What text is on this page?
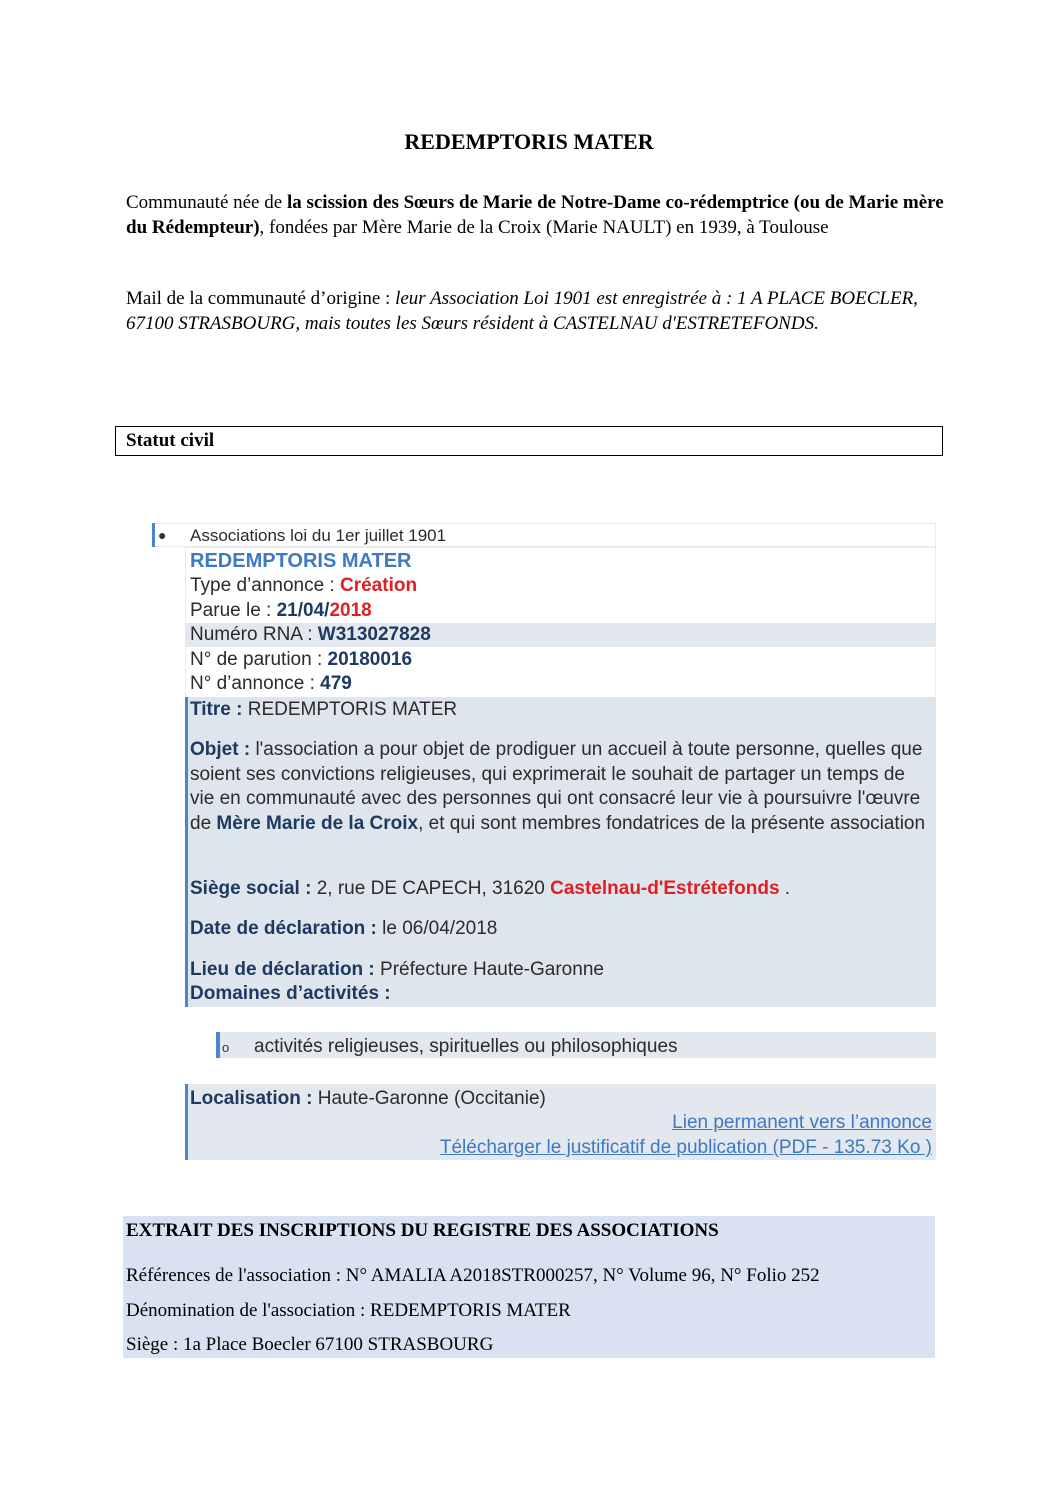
REDEMPTORIS MATER
Communauté née de la scission des Sœurs de Marie de Notre-Dame co-rédemptrice (ou de Marie mère du Rédempteur), fondées par Mère Marie de la Croix (Marie NAULT) en 1939, à Toulouse
Mail de la communauté d’origine : leur Association Loi 1901 est enregistrée à : 1 A PLACE BOECLER, 67100 STRASBOURG, mais toutes les Sœurs résident à CASTELNAU d'ESTRETEFONDS.
Statut civil
● Associations loi du 1er juillet 1901
REDEMPTORIS MATER
Type d’annonce : Création
Parue le : 21/04/2018
Numéro RNA : W313027828
N° de parution : 20180016
N° d’annonce : 479
Titre : REDEMPTORIS MATER
Objet : l'association a pour objet de prodiguer un accueil à toute personne, quelles que soient ses convictions religieuses, qui exprimerait le souhait de partager un temps de vie en communauté avec des personnes qui ont consacré leur vie à poursuivre l'œuvre de Mère Marie de la Croix, et qui sont membres fondatrices de la présente association
Siège social : 2, rue DE CAPECH, 31620 Castelnau-d'Estrétefonds .
Date de déclaration : le 06/04/2018
Lieu de déclaration : Préfecture Haute-Garonne
Domaines d’activités :
o activités religieuses, spirituelles ou philosophiques
Localisation : Haute-Garonne (Occitanie)
Lien permanent vers l’annonce
Télécharger le justificatif de publication (PDF - 135.73 Ko )
EXTRAIT DES INSCRIPTIONS DU REGISTRE DES ASSOCIATIONS
Références de l'association : N° AMALIA A2018STR000257, N° Volume 96, N° Folio 252
Dénomination de l'association : REDEMPTORIS MATER
Siège : 1a Place Boecler 67100 STRASBOURG
